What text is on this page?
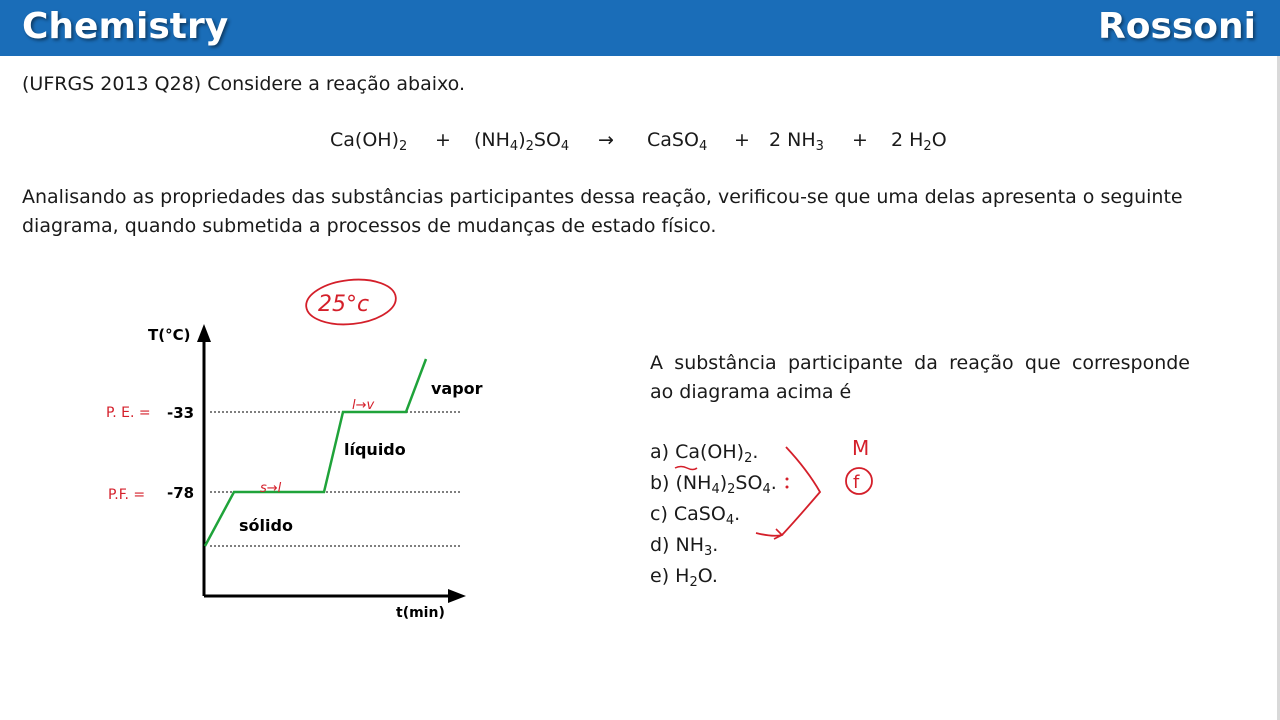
Chemistry	Rossoni
(UFRGS 2013 Q28) Considere a reação abaixo.
$Ca(OH)_2 + (NH_4)_2SO_4$ → CaSO$_4$ + 2 $NH_3 + 2$ $H_2O$
Analisando as propriedades das substâncias participantes dessa reação, verificou-se que uma delas apresenta o seguinte
diagrama, quando submetida a processos de mudanças de estado físico.
A substância participante da reação que corresponde
ao diagrama acima é
a) $Ca(OH)_2$.
b) $(NH_4)_2SO_4$.
c) CaSO$_4$.
d) $NH_3$.
e) $H_2O$.
T(°C)
t(min)
-33
-78
sólido
líquido
vapor
25°c
P. E. =
P.F. =
l→v
s→l
M
f
